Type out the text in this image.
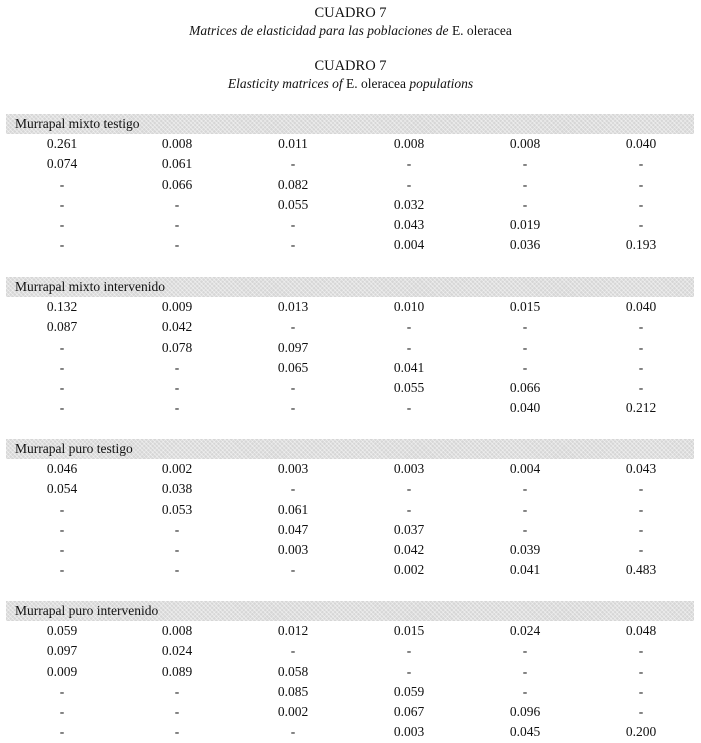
CUADRO 7
Matrices de elasticidad para las poblaciones de E. oleracea
CUADRO 7
Elasticity matrices of E. oleracea populations
Murrapal mixto testigo
0.261	0.008	0.011	0.008	0.008	0.040
0.074	0.061	-	-	-	-
-	0.066	0.082	-	-	-
-	-	0.055	0.032	-	-
-	-	-	0.043	0.019	-
-	-	-	0.004	0.036	0.193
Murrapal mixto intervenido
0.132	0.009	0.013	0.010	0.015	0.040
0.087	0.042	-	-	-	-
-	0.078	0.097	-	-	-
-	-	0.065	0.041	-	-
-	-	-	0.055	0.066	-
-	-	-	-	0.040	0.212
Murrapal puro testigo
0.046	0.002	0.003	0.003	0.004	0.043
0.054	0.038	-	-	-	-
-	0.053	0.061	-	-	-
-	-	0.047	0.037	-	-
-	-	0.003	0.042	0.039	-
-	-	-	0.002	0.041	0.483
Murrapal puro intervenido
0.059	0.008	0.012	0.015	0.024	0.048
0.097	0.024	-	-	-	-
0.009	0.089	0.058	-	-	-
-	-	0.085	0.059	-	-
-	-	0.002	0.067	0.096	-
-	-	-	0.003	0.045	0.200
